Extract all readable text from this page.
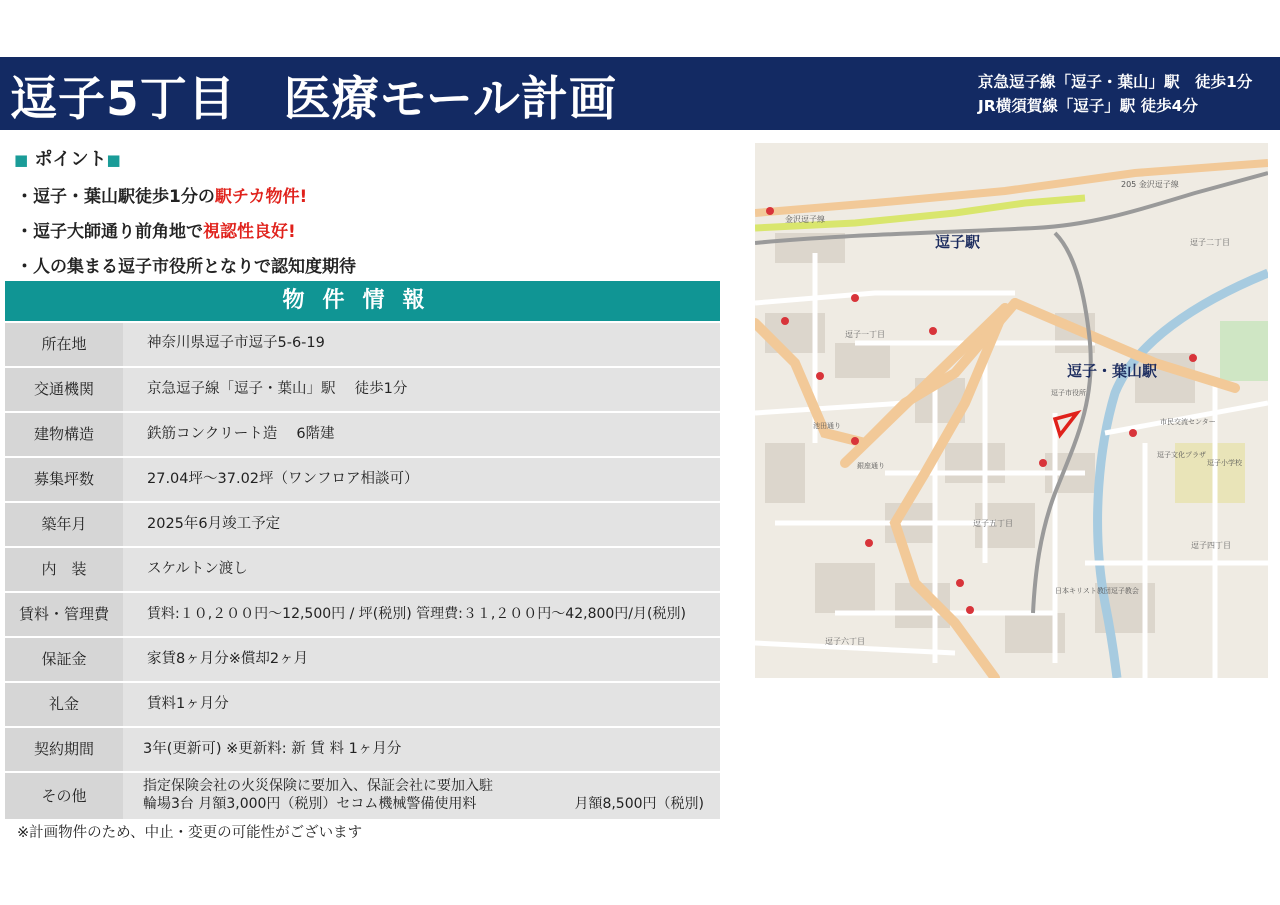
逗子5丁目　医療モール計画	京急逗子線「逗子・葉山」駅　徒歩1分
JR横須賀線「逗子」駅 徒歩4分
■ ポイント■
・逗子・葉山駅徒歩1分の駅チカ物件!
・逗子大師通り前角地で視認性良好!
・人の集まる逗子市役所となりで認知度期待
物件情報
所在地	神奈川県逗子市逗子5-6-19
交通機関	京急逗子線「逗子・葉山」駅　 徒歩1分
建物構造	鉄筋コンクリート造　 6階建
募集坪数	27.04坪～37.02坪（ワンフロア相談可）
築年月	2025年6月竣工予定
内　装	スケルトン渡し
賃料・管理費	賃料:１０,２００円～12,500円 / 坪(税別) 管理費:３１,２００円～42,800円/月(税別)
保証金	家賃8ヶ月分※償却2ヶ月
礼金	賃料1ヶ月分
契約期間	3年(更新可) ※更新料: 新 賃 料 1ヶ月分
その他
指定保険会社の火災保険に要加入、保証会社に要加入駐
輪場3台 月額3,000円（税別）セコム機械警備使用料	月額8,500円（税別)
※計画物件のため、中止・変更の可能性がございます
逗子駅
逗子・葉山駅
205 金沢逗子線
金沢逗子線
逗子二丁目
逗子一丁目
逗子五丁目
逗子四丁目
逗子六丁目
逗子市役所
逗子文化プラザ
逗子小学校
市民交流センター
日本キリスト教団逗子教会
池田通り
銀座通り
